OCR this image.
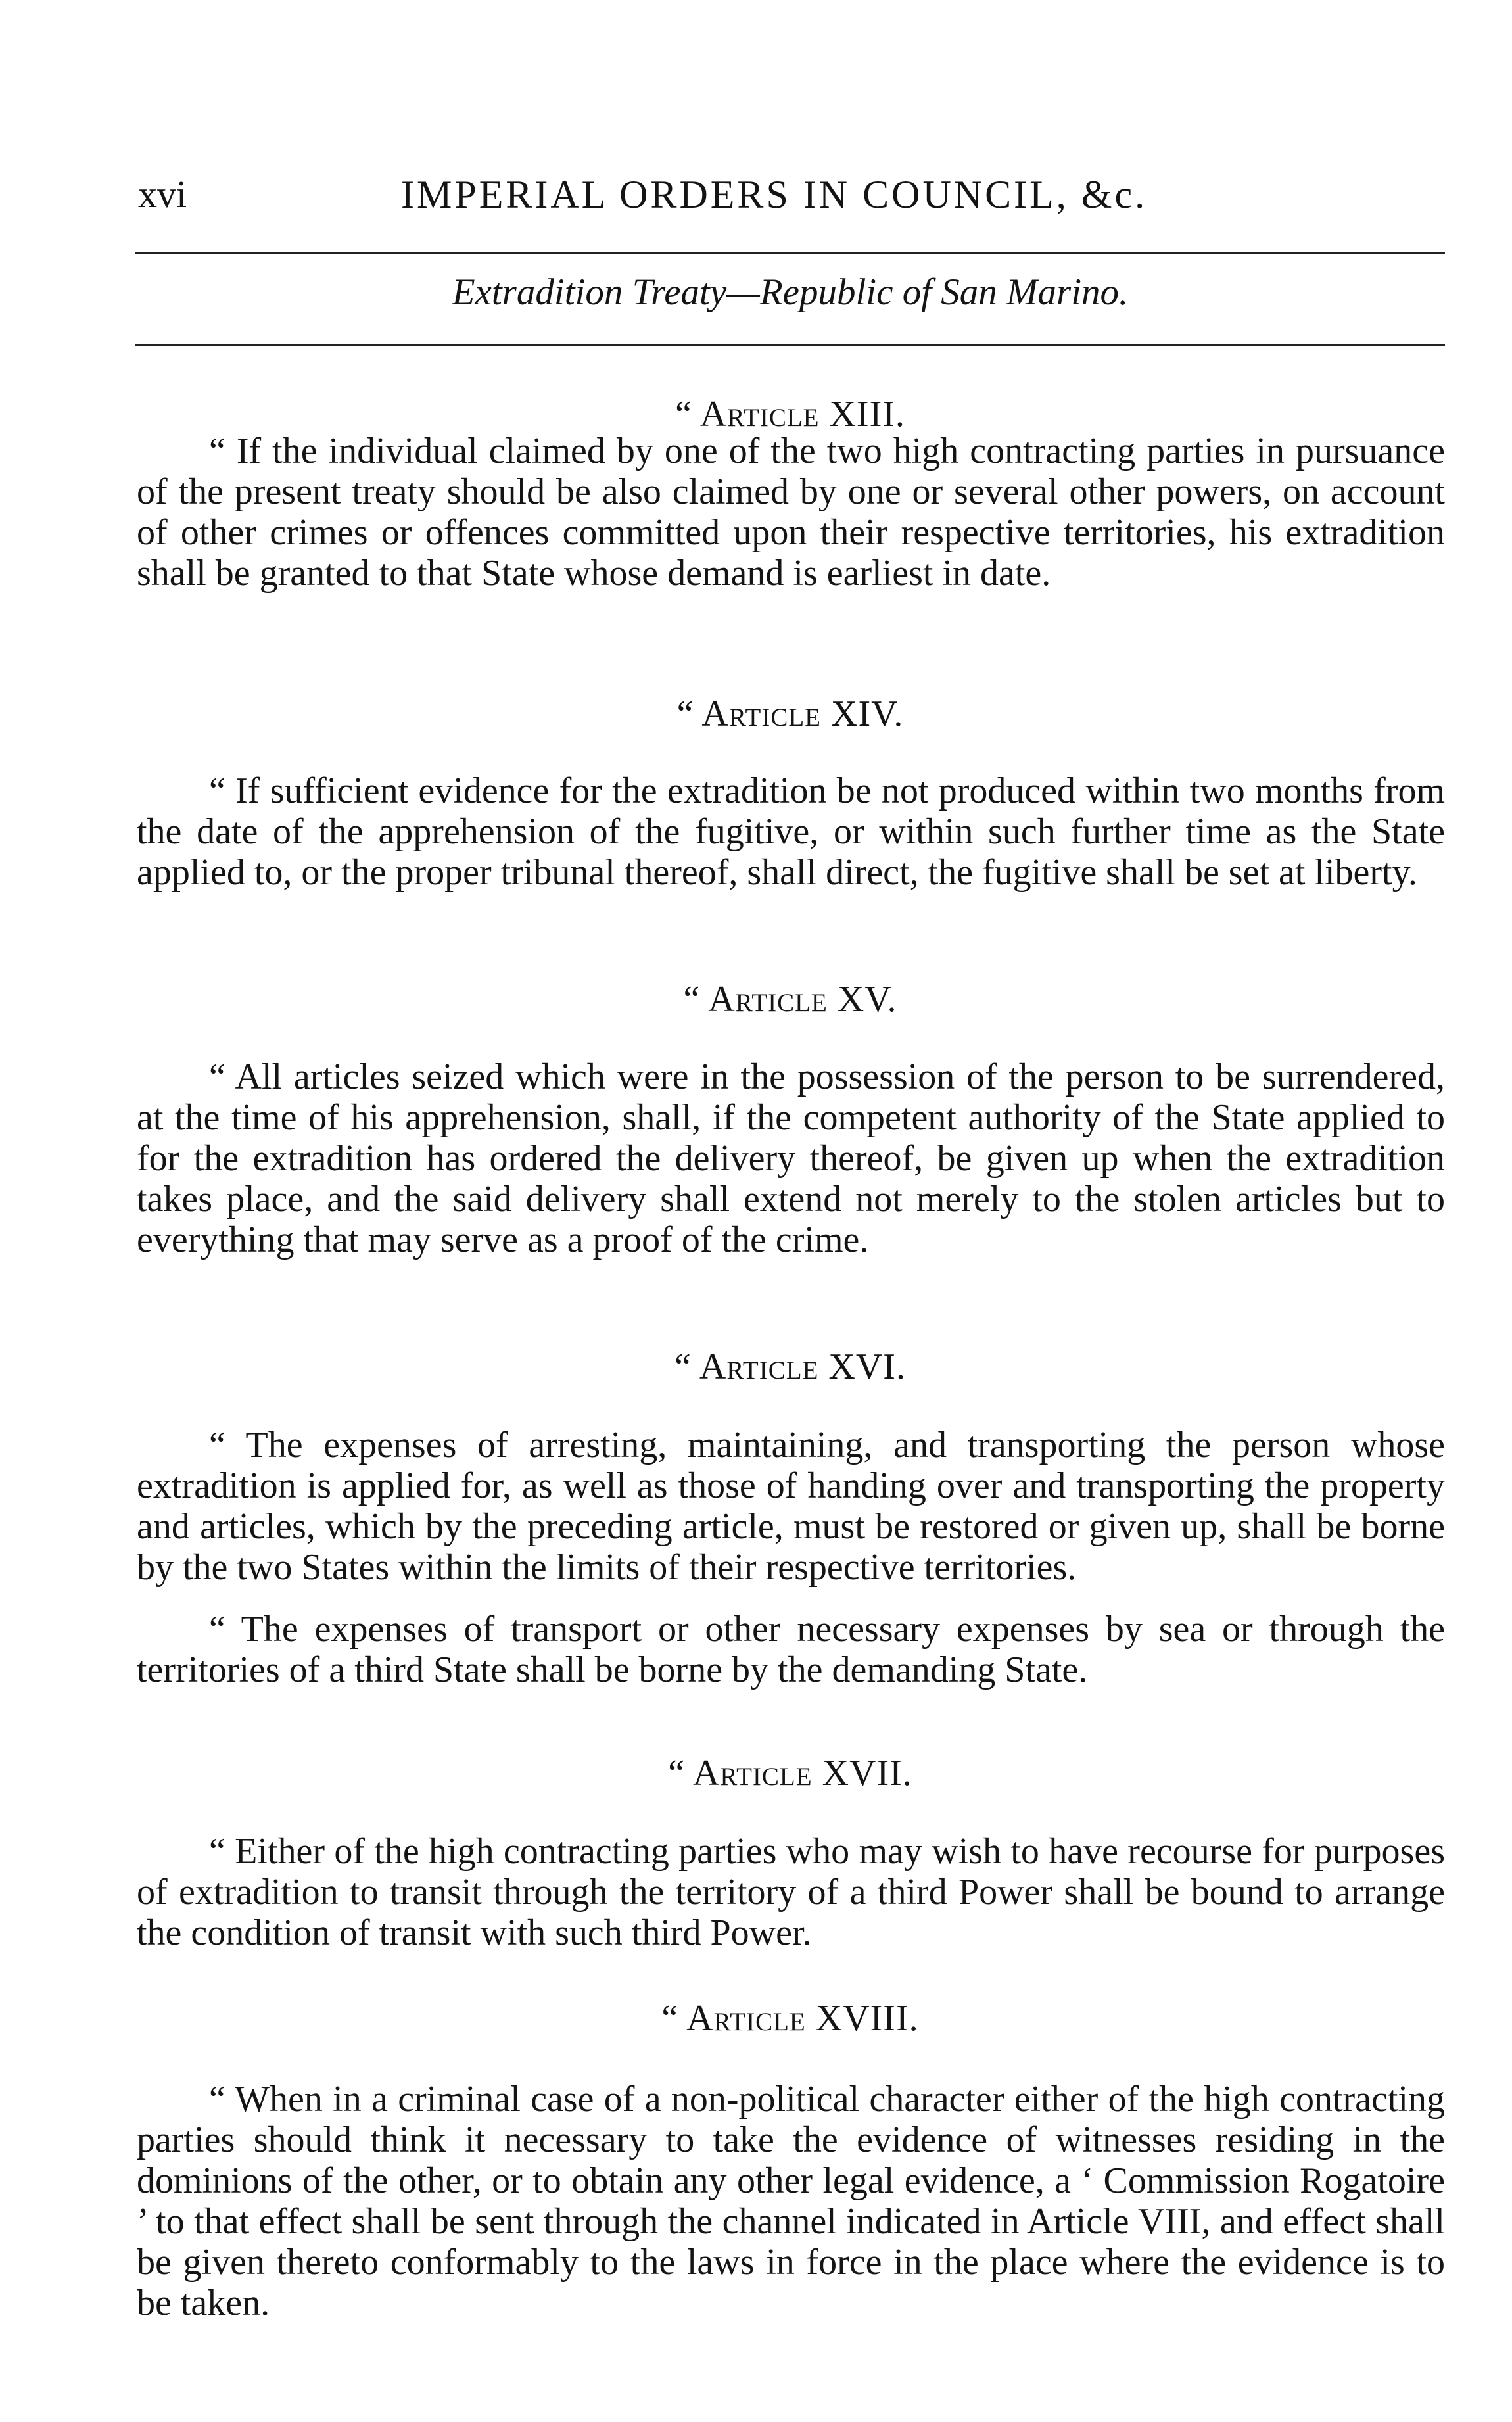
xvi	IMPERIAL ORDERS IN COUNCIL, &c.
Extradition Treaty—Republic of San Marino.
“ Article XIII.

“ If the individual claimed by one of the two high contracting parties in pursuance of the present treaty should be also claimed by one or several other powers, on account of other crimes or offences committed upon their respective territories, his extradition shall be granted to that State whose demand is earliest in date.

“ Article XIV.

“ If sufficient evidence for the extradition be not produced within two months from the date of the apprehension of the fugitive, or within such further time as the State applied to, or the proper tribunal thereof, shall direct, the fugitive shall be set at liberty.

“ Article XV.

“ All articles seized which were in the possession of the person to be surrendered, at the time of his apprehension, shall, if the competent authority of the State applied to for the extradition has ordered the delivery thereof, be given up when the extradition takes place, and the said delivery shall extend not merely to the stolen articles but to everything that may serve as a proof of the crime.

“ Article XVI.

“ The expenses of arresting, maintaining, and transporting the person whose extradition is applied for, as well as those of handing over and transporting the property and articles, which by the preceding article, must be restored or given up, shall be borne by the two States within the limits of their respective territories.

“ The expenses of transport or other necessary expenses by sea or through the territories of a third State shall be borne by the demanding State.

“ Article XVII.

“ Either of the high contracting parties who may wish to have recourse for purposes of extradition to transit through the territory of a third Power shall be bound to arrange the condition of transit with such third Power.

“ Article XVIII.

“ When in a criminal case of a non-political character either of the high contracting parties should think it necessary to take the evidence of witnesses residing in the dominions of the other, or to obtain any other legal evidence, a ‘ Commission Rogatoire ’ to that effect shall be sent through the channel indicated in Article VIII, and effect shall be given thereto conformably to the laws in force in the place where the evidence is to be taken.
